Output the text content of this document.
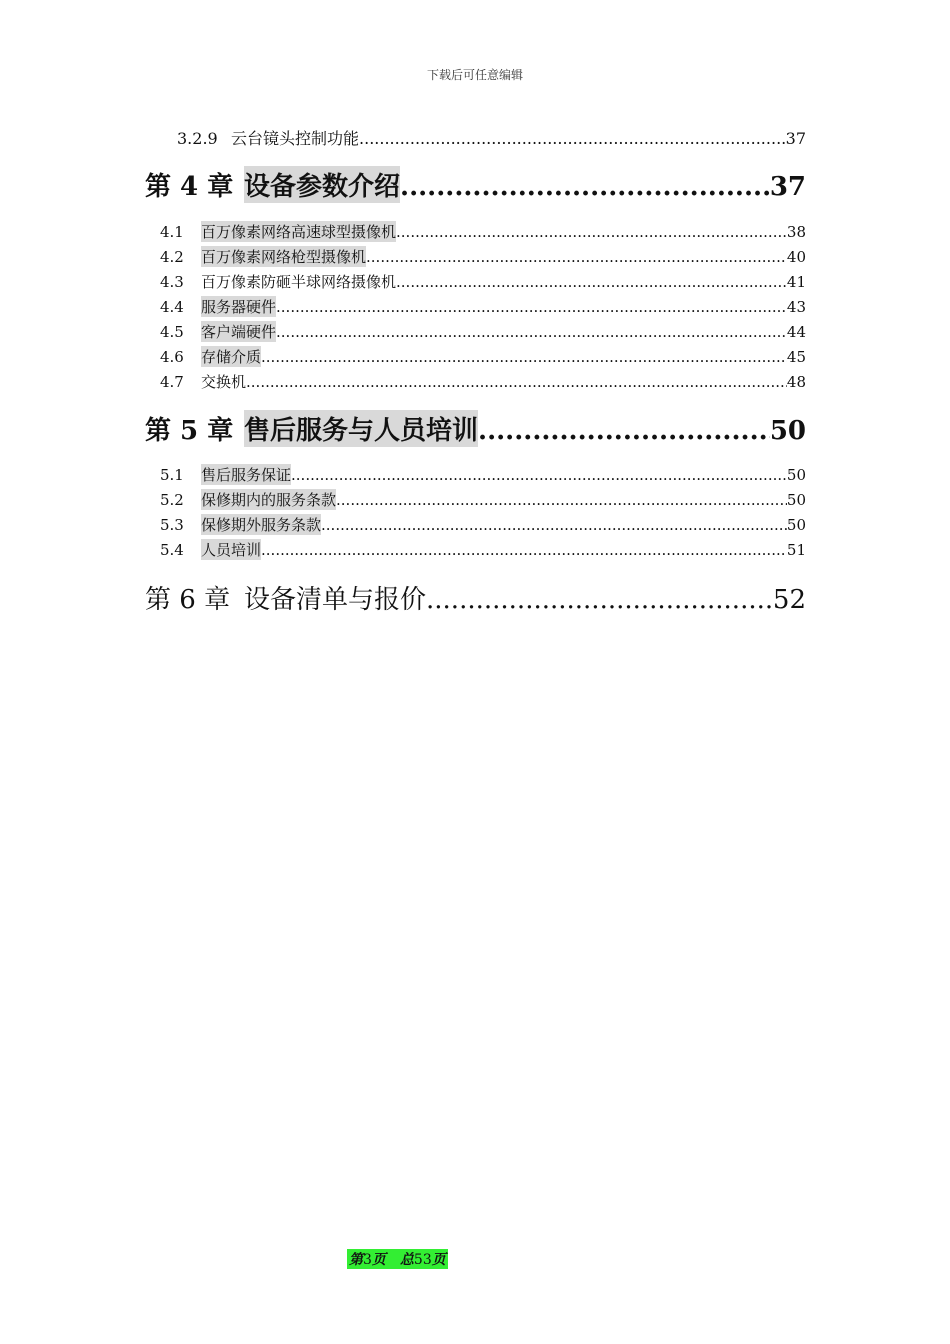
下载后可任意编辑
3.2.9 云台镜头控制功能 .....	37
第 4 章 设备参数介绍 .....	37
4.1	百万像素网络高速球型摄像机 .....	38
4.2	百万像素网络枪型摄像机 .....	40
4.3	百万像素防砸半球网络摄像机 .....	41
4.4	服务器硬件 .....	43
4.5	客户端硬件 .....	44
4.6	存储介质 .....	45
4.7	交换机 .....	48
第 5 章 售后服务与人员培训 .....	50
5.1	售后服务保证 .....	50
5.2	保修期内的服务条款 .....	50
5.3	保修期外服务条款 .....	50
5.4	人员培训 .....	51
第 6 章 设备清单与报价 .....	52
第3页　总53页
